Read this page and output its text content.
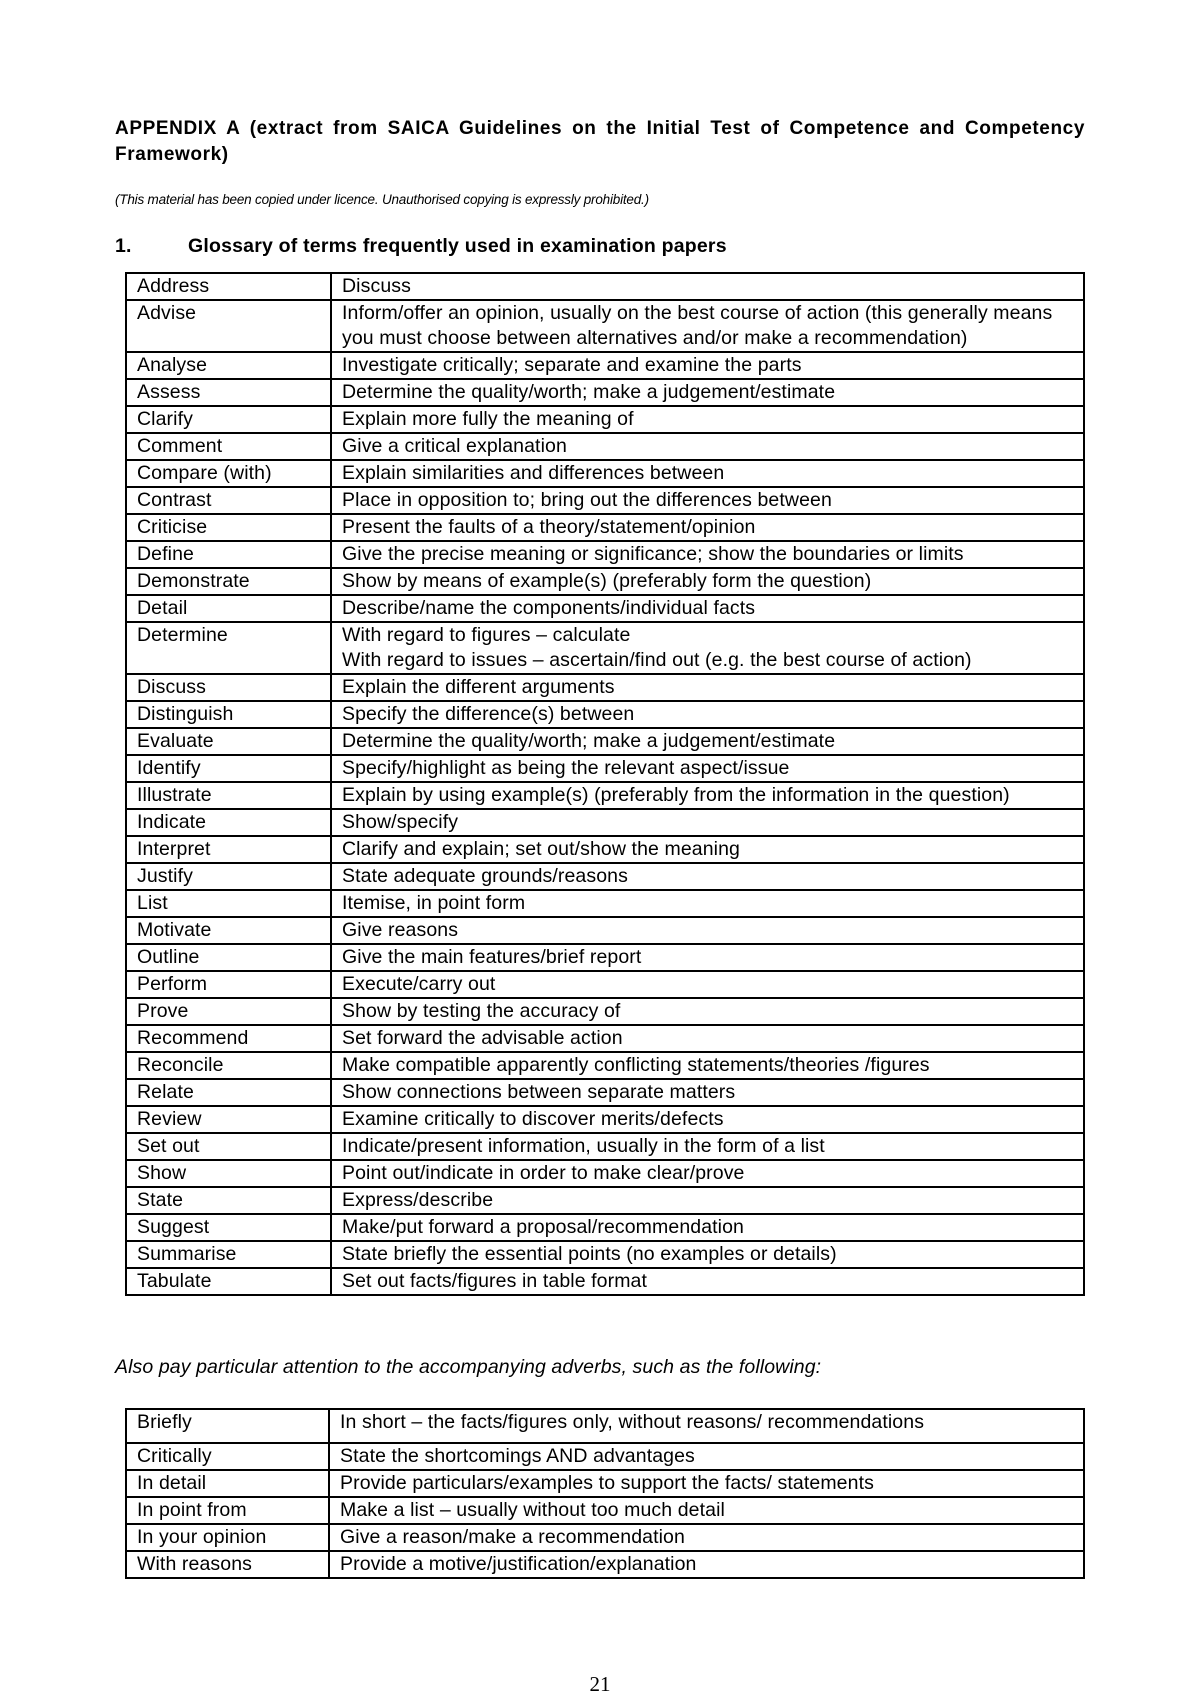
APPENDIX A (extract from SAICA Guidelines on the Initial Test of Competence and Competency Framework)
(This material has been copied under licence. Unauthorised copying is expressly prohibited.)
1.	Glossary of terms frequently used in examination papers
Address	Discuss
Advise	Inform/offer an opinion, usually on the best course of action (this generally means you must choose between alternatives and/or make a recommendation)
Analyse	Investigate critically; separate and examine the parts
Assess	Determine the quality/worth; make a judgement/estimate
Clarify	Explain more fully the meaning of
Comment	Give a critical explanation
Compare (with)	Explain similarities and differences between
Contrast	Place in opposition to; bring out the differences between
Criticise	Present the faults of a theory/statement/opinion
Define	Give the precise meaning or significance; show the boundaries or limits
Demonstrate	Show by means of example(s) (preferably form the question)
Detail	Describe/name the components/individual facts
Determine	With regard to figures – calculate
With regard to issues – ascertain/find out (e.g. the best course of action)

Discuss	Explain the different arguments
Distinguish	Specify the difference(s) between
Evaluate	Determine the quality/worth; make a judgement/estimate
Identify	Specify/highlight as being the relevant aspect/issue
Illustrate	Explain by using example(s) (preferably from the information in the question)
Indicate	Show/specify
Interpret	Clarify and explain; set out/show the meaning
Justify	State adequate grounds/reasons
List	Itemise, in point form
Motivate	Give reasons
Outline	Give the main features/brief report
Perform	Execute/carry out
Prove	Show by testing the accuracy of
Recommend	Set forward the advisable action
Reconcile	Make compatible apparently conflicting statements/theories /figures
Relate	Show connections between separate matters
Review	Examine critically to discover merits/defects
Set out	Indicate/present information, usually in the form of a list
Show	Point out/indicate in order to make clear/prove
State	Express/describe
Suggest	Make/put forward a proposal/recommendation
Summarise	State briefly the essential points (no examples or details)
Tabulate	Set out facts/figures in table format
Also pay particular attention to the accompanying adverbs, such as the following:
Briefly	In short – the facts/figures only, without reasons/ recommendations
Critically	State the shortcomings AND advantages
In detail	Provide particulars/examples to support the facts/ statements
In point from	Make a list – usually without too much detail
In your opinion	Give a reason/make a recommendation
With reasons	Provide a motive/justification/explanation
21
